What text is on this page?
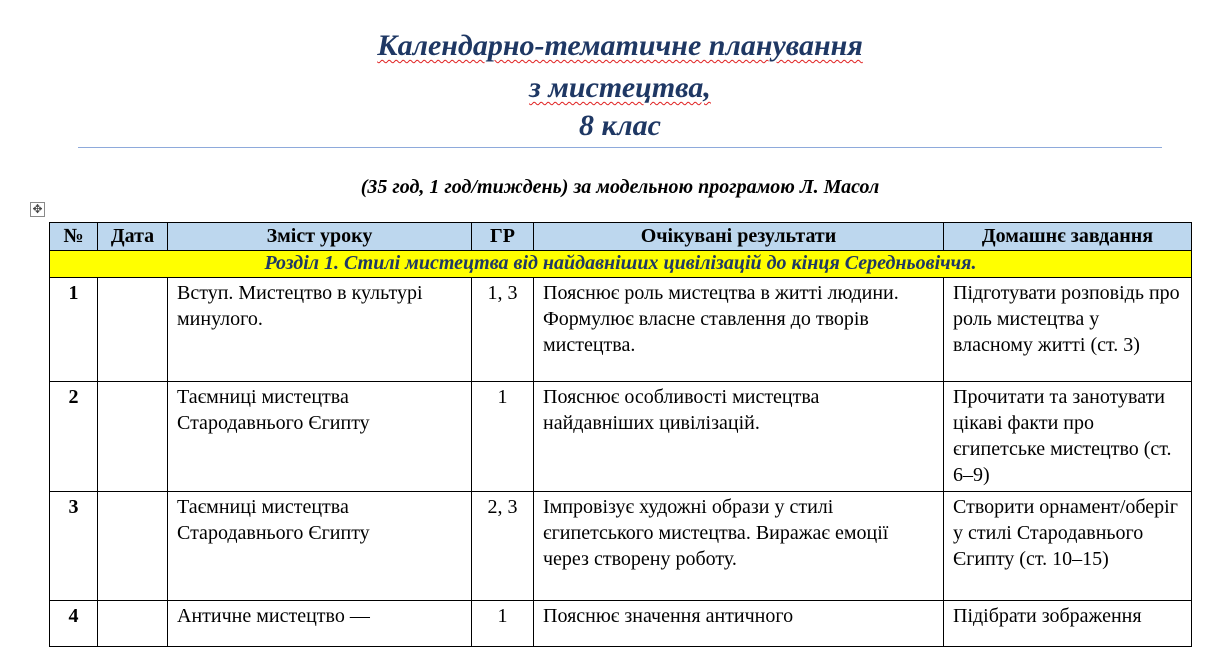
Календарно-тематичне планування
з мистецтва,
8 клас
(35 год, 1 год/тиждень) за модельною програмою Л. Масол
✥
№	Дата	Зміст уроку	ГР	Очікувані результати	Домашнє завдання
Розділ 1. Стилі мистецтва від найдавніших цивілізацій до кінця Середньовіччя.					
1		Вступ. Мистецтво в культурі минулого.	1, 3	Пояснює роль мистецтва в житті людини. Формулює власне ставлення до творів мистецтва.	Підготувати розповідь про роль мистецтва у власному житті (ст. 3)
2		Таємниці мистецтва Стародавнього Єгипту	1	Пояснює особливості мистецтва найдавніших цивілізацій.	Прочитати та занотувати цікаві факти про єгипетське мистецтво (ст. 6–9)
3		Таємниці мистецтва Стародавнього Єгипту	2, 3	Імпровізує художні образи у стилі єгипетського мистецтва. Виражає емоції через створену роботу.	Створити орнамент/оберіг у стилі Стародавнього Єгипту (ст. 10–15)
4		Античне мистецтво —	1	Пояснює значення античного	Підібрати зображення
